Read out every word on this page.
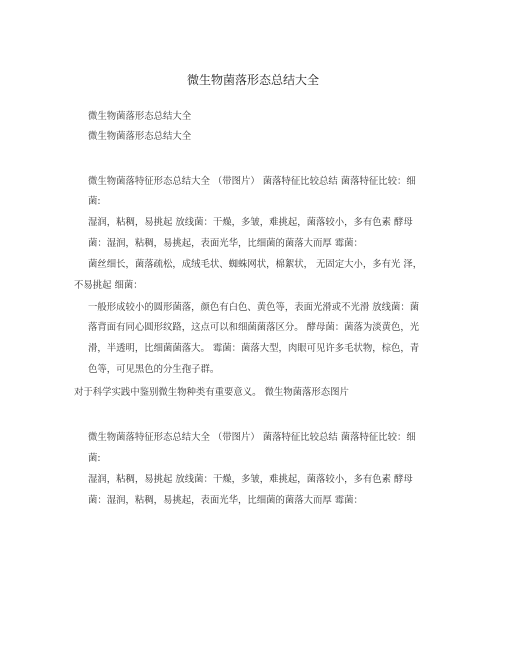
微生物菌落形态总结大全
微生物菌落形态总结大全
微生物菌落形态总结大全
微生物菌落特征形态总结大全 （带图片） 菌落特征比较总结 菌落特征比较：细
菌:
湿润，粘稠，易挑起 放线菌：干燥，多皱，难挑起，菌落较小，多有色素 酵母
菌：湿润，粘稠，易挑起，表面光华，比细菌的菌落大而厚 霉菌：
菌丝细长，菌落疏松，成绒毛状、蜘蛛网状，棉絮状， 无固定大小，多有光 泽，
不易挑起 细菌：
一般形成较小的圆形菌落，颜色有白色、黄色等，表面光滑或不光滑 放线菌：菌
落背面有同心圆形纹路，这点可以和细菌菌落区分。 酵母菌：菌落为淡黄色，光
滑，半透明，比细菌菌落大。 霉菌：菌落大型，肉眼可见许多毛状物，棕色，青
色等，可见黑色的分生孢子群。
对于科学实践中鉴别微生物种类有重要意义。 微生物菌落形态图片
微生物菌落特征形态总结大全 （带图片） 菌落特征比较总结 菌落特征比较：细
菌:
湿润，粘稠，易挑起 放线菌：干燥，多皱，难挑起，菌落较小，多有色素 酵母
菌：湿润，粘稠，易挑起，表面光华，比细菌的菌落大而厚 霉菌：
